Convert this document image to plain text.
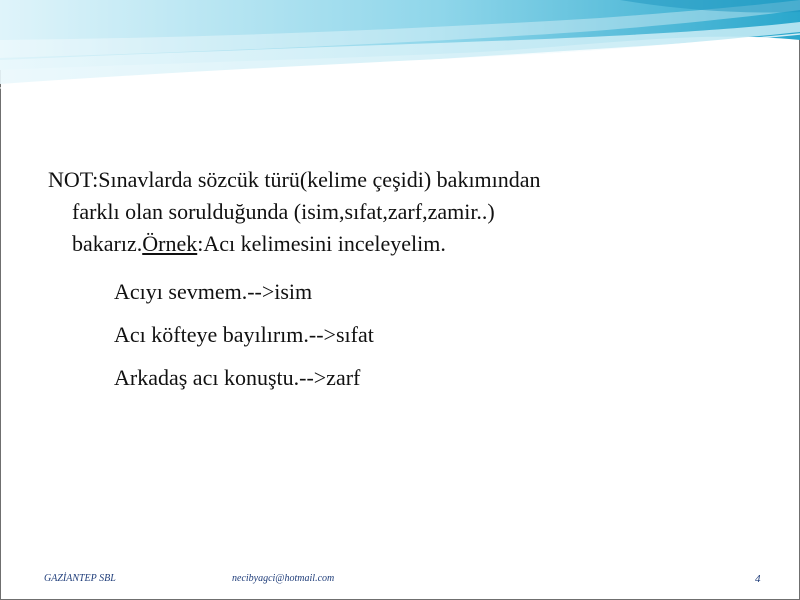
NOT:Sınavlarda sözcük türü(kelime çeşidi) bakımından
farklı olan sorulduğunda (isim,sıfat,zarf,zamir..)
bakarız.Örnek:Acı kelimesini inceleyelim.

Acıyı sevmem.-->isim
Acı köfteye bayılırım.-->sıfat
Arkadaş acı konuştu.-->zarf
GAZİANTEP SBL	necibyagci@hotmail.com	4
